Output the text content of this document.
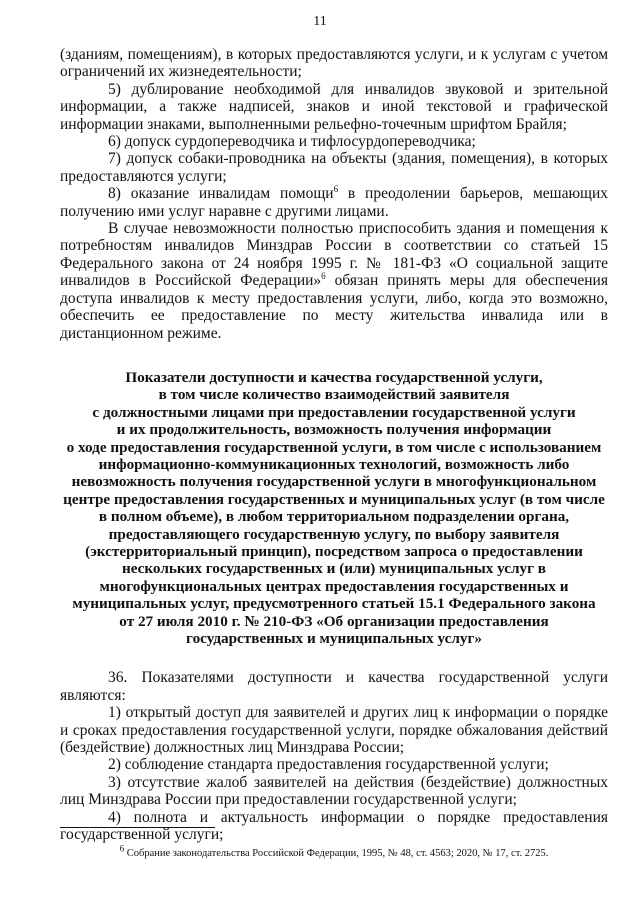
11

(зданиям, помещениям), в которых предоставляются услуги, и к услугам с учетом ограничений их жизнедеятельности;

5) дублирование необходимой для инвалидов звуковой и зрительной информации, а также надписей, знаков и иной текстовой и графической информации знаками, выполненными рельефно-точечным шрифтом Брайля;

6) допуск сурдопереводчика и тифлосурдопереводчика;

7) допуск собаки-проводника на объекты (здания, помещения), в которых предоставляются услуги;

8) оказание инвалидам помощи$^6$ в преодолении барьеров, мешающих получению ими услуг наравне с другими лицами.

В случае невозможности полностью приспособить здания и помещения к потребностям инвалидов Минздрав России в соответствии со статьей 15 Федерального закона от 24 ноября 1995 г. № 181-ФЗ «О социальной защите инвалидов в Российской Федерации»$^6$ обязан принять меры для обеспечения доступа инвалидов к месту предоставления услуги, либо, когда это возможно, обеспечить ее предоставление по месту жительства инвалида или в дистанционном режиме.

Показатели доступности и качества государственной услуги,
в том числе количество взаимодействий заявителя
с должностными лицами при предоставлении государственной услуги
и их продолжительность, возможность получения информации
о ходе предоставления государственной услуги, в том числе с использованием
информационно-коммуникационных технологий, возможность либо
невозможность получения государственной услуги в многофункциональном
центре предоставления государственных и муниципальных услуг (в том числе
в полном объеме), в любом территориальном подразделении органа,
предоставляющего государственную услугу, по выбору заявителя
(экстерриториальный принцип), посредством запроса о предоставлении
нескольких государственных и (или) муниципальных услуг в
многофункциональных центрах предоставления государственных и
муниципальных услуг, предусмотренного статьей 15.1 Федерального закона
от 27 июля 2010 г. № 210-ФЗ «Об организации предоставления
государственных и муниципальных услуг»

36. Показателями доступности и качества государственной услуги являются:

1) открытый доступ для заявителей и других лиц к информации о порядке и сроках предоставления государственной услуги, порядке обжалования действий (бездействие) должностных лиц Минздрава России;

2) соблюдение стандарта предоставления государственной услуги;

3) отсутствие жалоб заявителей на действия (бездействие) должностных лиц Минздрава России при предоставлении государственной услуги;

4) полнота и актуальность информации о порядке предоставления государственной услуги;

$^6$ Собрание законодательства Российской Федерации, 1995, № 48, ст. 4563; 2020, № 17, ст. 2725.
